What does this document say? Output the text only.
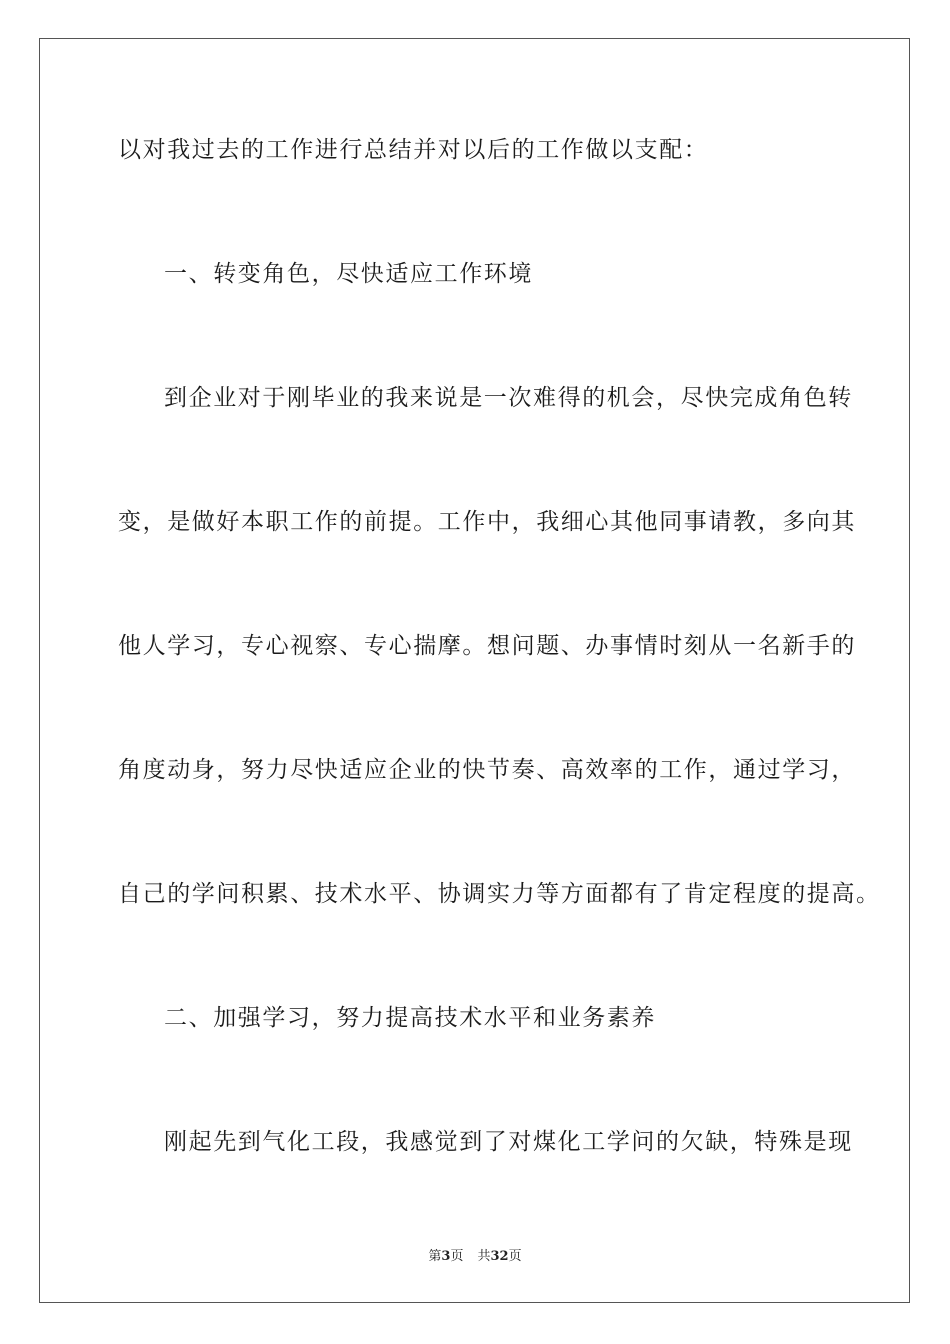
以对我过去的工作进行总结并对以后的工作做以支配：
一、转变角色，尽快适应工作环境
到企业对于刚毕业的我来说是一次难得的机会，尽快完成角色转
变，是做好本职工作的前提。工作中，我细心其他同事请教，多向其
他人学习，专心视察、专心揣摩。想问题、办事情时刻从一名新手的
角度动身，努力尽快适应企业的快节奏、高效率的工作，通过学习，
自己的学问积累、技术水平、协调实力等方面都有了肯定程度的提高。
二、加强学习，努力提高技术水平和业务素养
刚起先到气化工段，我感觉到了对煤化工学问的欠缺，特殊是现
第3页 共32页
